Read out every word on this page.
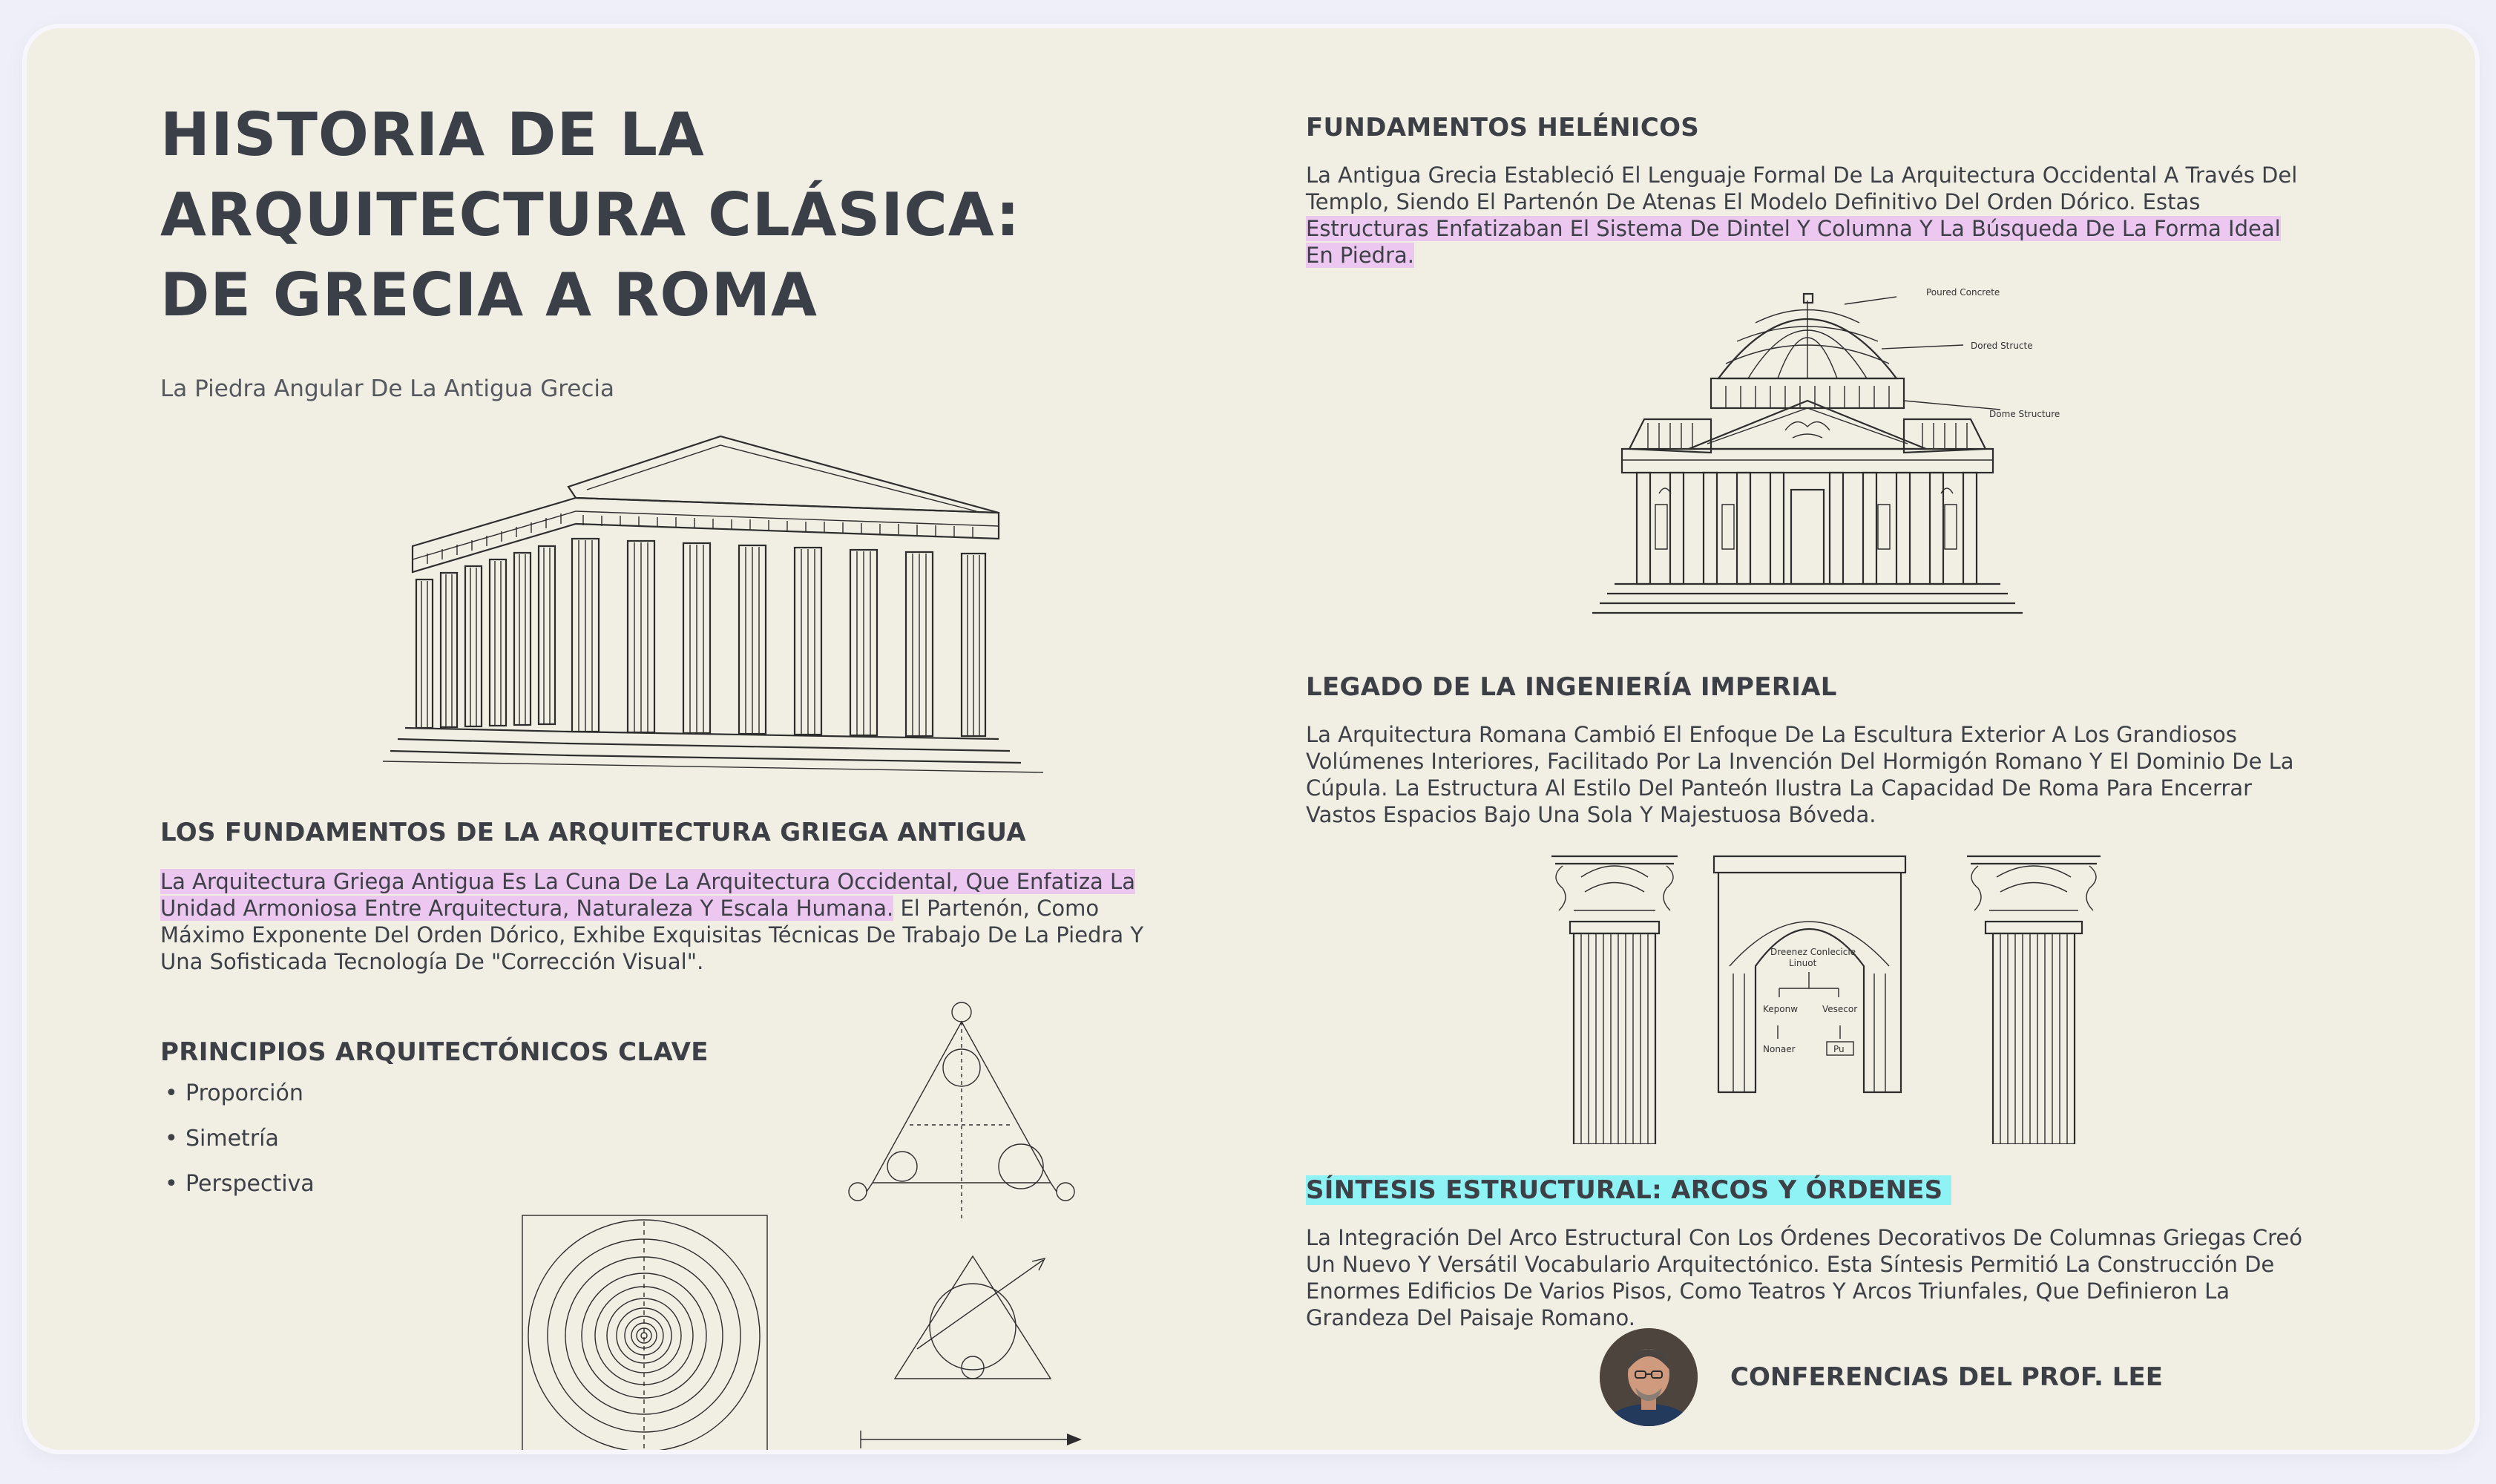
HISTORIA DE LA
ARQUITECTURA CLÁSICA:
DE GRECIA A ROMA
La Piedra Angular De La Antigua Grecia
LOS FUNDAMENTOS DE LA ARQUITECTURA GRIEGA ANTIGUA

La Arquitectura Griega Antigua Es La Cuna De La Arquitectura Occidental, Que Enfatiza La Unidad Armoniosa Entre Arquitectura, Naturaleza Y Escala Humana. El Partenón, Como Máximo Exponente Del Orden Dórico, Exhibe Exquisitas Técnicas De Trabajo De La Piedra Y Una Sofisticada Tecnología De "Corrección Visual".

PRINCIPIOS ARQUITECTÓNICOS CLAVE
• Proporción
• Simetría
• Perspectiva
FUNDAMENTOS HELÉNICOS

La Antigua Grecia Estableció El Lenguaje Formal De La Arquitectura Occidental A Través Del Templo, Siendo El Partenón De Atenas El Modelo Definitivo Del Orden Dórico. Estas Estructuras Enfatizaban El Sistema De Dintel Y Columna Y La Búsqueda De La Forma Ideal En Piedra.

Poured Concrete
Dored Structe
Dome Structure
LEGADO DE LA INGENIERÍA IMPERIAL

La Arquitectura Romana Cambió El Enfoque De La Escultura Exterior A Los Grandiosos Volúmenes Interiores, Facilitado Por La Invención Del Hormigón Romano Y El Dominio De La Cúpula. La Estructura Al Estilo Del Panteón Ilustra La Capacidad De Roma Para Encerrar Vastos Espacios Bajo Una Sola Y Majestuosa Bóveda.

Dreenez Conlecicle
Linuot
Keponw	Vesecor
Nonaer	Pu
SÍNTESIS ESTRUCTURAL: ARCOS Y ÓRDENES

La Integración Del Arco Estructural Con Los Órdenes Decorativos De Columnas Griegas Creó Un Nuevo Y Versátil Vocabulario Arquitectónico. Esta Síntesis Permitió La Construcción De Enormes Edificios De Varios Pisos, Como Teatros Y Arcos Triunfales, Que Definieron La Grandeza Del Paisaje Romano.

CONFERENCIAS DEL PROF. LEE
